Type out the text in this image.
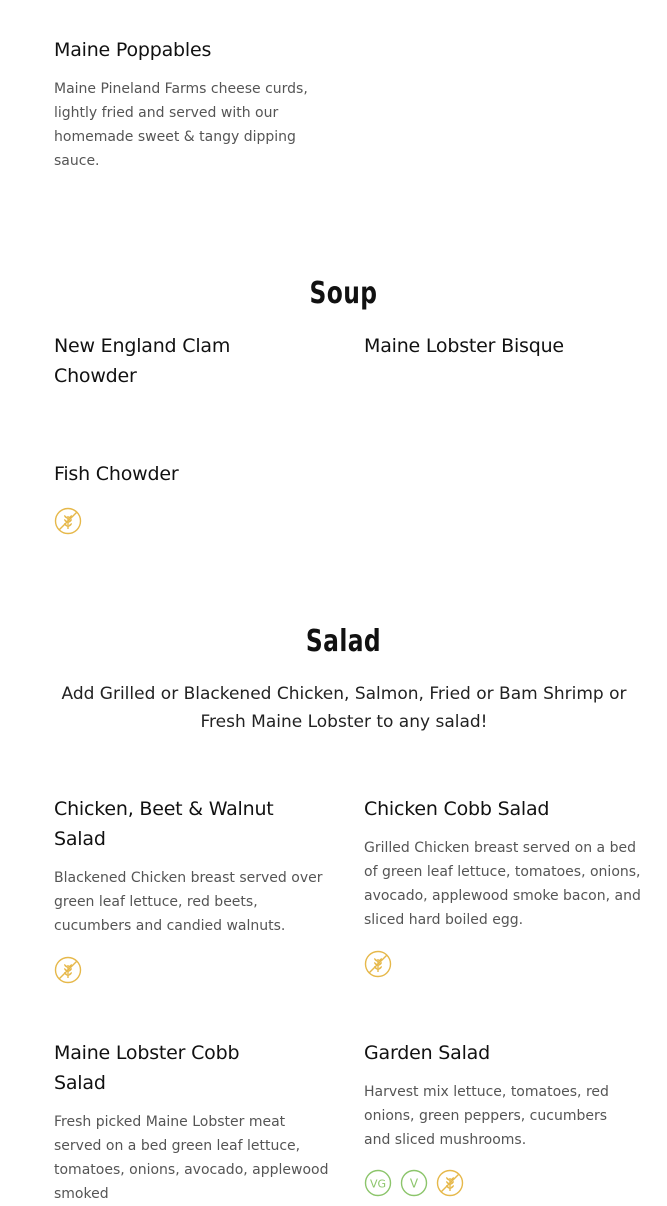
Maine Poppables
Maine Pineland Farms cheese curds, lightly fried and served with our homemade sweet & tangy dipping sauce.
Soup
New England Clam Chowder
Maine Lobster Bisque
Fish Chowder
Salad
Add Grilled or Blackened Chicken, Salmon, Fried or Bam Shrimp or Fresh Maine Lobster to any salad!
Chicken, Beet & Walnut Salad
Blackened Chicken breast served over green leaf lettuce, red beets, cucumbers and candied walnuts.
Chicken Cobb Salad
Grilled Chicken breast served on a bed of green leaf lettuce, tomatoes, onions, avocado, applewood smoke bacon, and sliced hard boiled egg.
Maine Lobster Cobb Salad
Fresh picked Maine Lobster meat served on a bed green leaf lettuce, tomatoes, onions, avocado, applewood smoked
Garden Salad
Harvest mix lettuce, tomatoes, red onions, green peppers, cucumbers and sliced mushrooms.
VG V
